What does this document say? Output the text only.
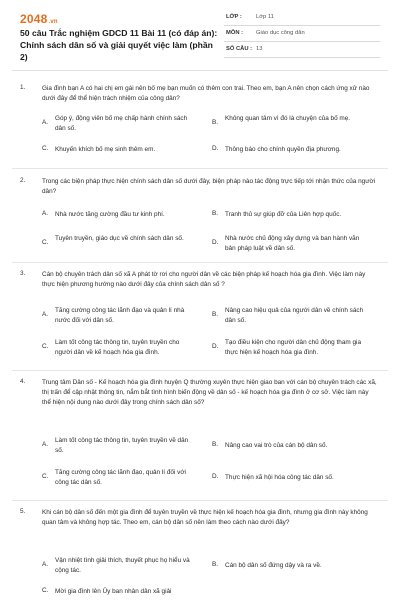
2048.vn
50 câu Trắc nghiệm GDCD 11 Bài 11 (có đáp án): Chính sách dân số và giải quyết việc làm (phần 2)
LỚP : Lớp 11
MÔN : Giáo dục công dân
SỐ CÂU : 13
1.	Gia đình bạn A có hai chị em gái nên bố mẹ bạn muốn có thêm con trai. Theo em, bạn A nên chọn cách ứng xử nào dưới đây để thể hiện trách nhiệm của công dân?
A.
Góp ý, động viên bố mẹ chấp hành chính sách dân số.
B.
Không quan tâm vì đó là chuyện của bố mẹ.
C. Khuyến khích bố mẹ sinh thêm em.	D. Thông báo cho chính quyền địa phương.
2.	Trong các biện pháp thực hiện chính sách dân số dưới đây, biện pháp nào tác động trực tiếp tới nhận thức của người dân?
A. Nhà nước tăng cường đầu tư kinh phí.	B. Tranh thủ sự giúp đỡ của Liên hợp quốc.
C.
Tuyên truyền, giáo dục về chính sách dân số.
D.
Nhà nước chủ động xây dựng và ban hành văn bản pháp luật về dân số.
3.	Cán bộ chuyên trách dân số xã A phát tờ rơi cho người dân về các biện pháp kế hoạch hóa gia đình. Việc làm này thực hiện phương hướng nào dưới đây của chính sách dân số ?
A.
Tăng cường công tác lãnh đạo và quản lí nhà nước đối với dân số.
B.
Nâng cao hiệu quả của người dân về chính sách dân số.
C.
Làm tốt công tác thông tin, tuyên truyền cho người dân về kế hoạch hóa gia đình.
D.
Tạo điều kiện cho người dân chủ động tham gia thực hiện kế hoạch hóa gia đình.
4.	Trung tâm Dân số - Kế hoạch hóa gia đình huyện Q thường xuyên thực hiện giao ban với cán bộ chuyên trách các xã, thị trấn để cập nhật thông tin, nắm bắt tình hình biến động về dân số - kế hoạch hóa gia đình ở cơ sở. Việc làm này thể hiện nội dung nào dưới đây trong chính sách dân số?
A.
Làm tốt công tác thông tin, tuyên truyền về dân số.
B. Nâng cao vai trò của cán bộ dân số.
C.
Tăng cường công tác lãnh đạo, quản lí đối với công tác dân số.
D. Thực hiện xã hội hóa công tác dân số.
5.	Khi cán bộ dân số đến một gia đình để tuyên truyền về thực hiện kế hoạch hóa gia đình, nhưng gia đình này không quan tâm và không hợp tác. Theo em, cán bộ dân số nên làm theo cách nào dưới đây?
A.
Vận nhiệt tình giải thích, thuyết phục họ hiểu và cộng tác.
B. Cán bộ dân số đứng dậy và ra về.
C. Mời gia đình lên Ủy ban nhân dân xã giải
